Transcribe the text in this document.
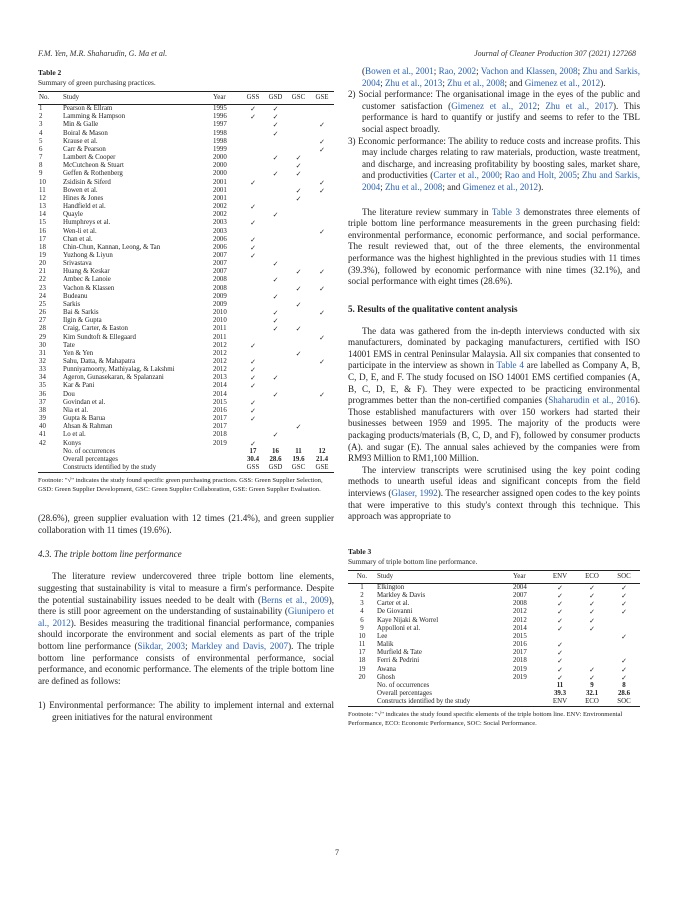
F.M. Yen, M.R. Shaharudin, G. Ma et al.	Journal of Cleaner Production 307 (2021) 127268

Table 2

Summary of green purchasing practices.

No.	Study	Year	GSS	GSD	GSC	GSE
1	Pearson & Ellram	1995	✓	✓		
2	Lamming & Hampson	1996	✓	✓		
3	Min & Galle	1997		✓		✓
4	Boiral & Mason	1998		✓		
5	Krause et al.	1998				✓
6	Carr & Pearson	1999				✓
7	Lambert & Cooper	2000		✓	✓	
8	McCutcheon & Stuart	2000			✓	
9	Geffen & Rothenberg	2000		✓	✓	
10	Zsidisin & Siferd	2001	✓			✓
11	Bowen et al.	2001			✓	✓
12	Hines & Jones	2001			✓	
13	Handfield et al.	2002	✓			
14	Quayle	2002		✓		
15	Humphreys et al.	2003	✓			
16	Wen-li et al.	2003				✓
17	Chan et al.	2006	✓			
18	Chin-Chun, Kannan, Leong, & Tan	2006	✓			
19	Yuzhong & Liyun	2007	✓			
20	Srivastava	2007		✓		
21	Huang & Keskar	2007			✓	✓
22	Ambec & Lanoie	2008		✓		
23	Vachon & Klassen	2008			✓	✓
24	Budeanu	2009		✓		
25	Sarkis	2009			✓	
26	Bai & Sarkis	2010		✓		✓
27	Ilgin & Gupta	2010		✓		
28	Craig, Carter, & Easton	2011		✓	✓	
29	Kim Sundtoft & Ellegaard	2011				✓
30	Tate	2012	✓			
31	Yen & Yen	2012			✓	
32	Sahu, Datta, & Mahapatra	2012	✓			✓
33	Punniyamoorty, Mathiyalag, & Lakshmi	2012	✓			
34	Ageron, Gunasekaran, & Spalanzani	2013	✓	✓		
35	Kar & Pani	2014	✓			
36	Dou	2014		✓		✓
37	Govindan et al.	2015	✓			
38	Nia et al.	2016	✓			
39	Gupta & Barua	2017	✓			
40	Ahsan & Rahman	2017			✓	
41	Lo et al.	2018		✓		
42	Konys	2019	✓			
	No. of occurrences		17	16	11	12
	Overall percentages		30.4	28.6	19.6	21.4
	Constructs identified by the study		GSS	GSD	GSC	GSE
Footnote: "√" indicates the study found specific green purchasing practices. GSS: Green Supplier Selection, GSD: Green Supplier Development, GSC: Green Supplier Collaboration, GSE: Green Supplier Evaluation.

(28.6%), green supplier evaluation with 12 times (21.4%), and green supplier collaboration with 11 times (19.6%).

4.3. The triple bottom line performance

The literature review undercovered three triple bottom line elements, suggesting that sustainability is vital to measure a firm's performance. Despite the potential sustainability issues needed to be dealt with (Berns et al., 2009), there is still poor agreement on the understanding of sustainability (Giunipero et al., 2012). Besides measuring the traditional financial performance, companies should incorporate the environment and social elements as part of the triple bottom line performance (Sikdar, 2003; Markley and Davis, 2007). The triple bottom line performance consists of environmental performance, social performance, and economic performance. The elements of the triple bottom line are defined as follows:

1) Environmental performance: The ability to implement internal and external green initiatives for the natural environment

(Bowen et al., 2001; Rao, 2002; Vachon and Klassen, 2008; Zhu and Sarkis, 2004; Zhu et al., 2013; Zhu et al., 2008; and Gimenez et al., 2012).

2) Social performance: The organisational image in the eyes of the public and customer satisfaction (Gimenez et al., 2012; Zhu et al., 2017). This performance is hard to quantify or justify and seems to refer to the TBL social aspect broadly.
3) Economic performance: The ability to reduce costs and increase profits. This may include charges relating to raw materials, production, waste treatment, and discharge, and increasing profitability by boosting sales, market share, and productivities (Carter et al., 2000; Rao and Holt, 2005; Zhu and Sarkis, 2004; Zhu et al., 2008; and Gimenez et al., 2012).

The literature review summary in Table 3 demonstrates three elements of triple bottom line performance measurements in the green purchasing field: environmental performance, economic performance, and social performance. The result reviewed that, out of the three elements, the environmental performance was the highest highlighted in the previous studies with 11 times (39.3%), followed by economic performance with nine times (32.1%), and social performance with eight times (28.6%).

5. Results of the qualitative content analysis

The data was gathered from the in-depth interviews conducted with six manufacturers, dominated by packaging manufacturers, certified with ISO 14001 EMS in central Peninsular Malaysia. All six companies that consented to participate in the interview as shown in Table 4 are labelled as Company A, B, C, D, E, and F. The study focused on ISO 14001 EMS certified companies (A, B, C, D, E, & F). They were expected to be practicing environmental programmes better than the non-certified companies (Shaharudin et al., 2016). Those established manufacturers with over 150 workers had started their businesses between 1959 and 1995. The majority of the products were packaging products/materials (B, C, D, and F), followed by consumer products (A). and sugar (E). The annual sales achieved by the companies were from RM93 Million to RM1,100 Million.

The interview transcripts were scrutinised using the key point coding methods to unearth useful ideas and significant concepts from the field interviews (Glaser, 1992). The researcher assigned open codes to the key points that were imperative to this study's context through this technique. This approach was appropriate to

Table 3

Summary of triple bottom line performance.

No.	Study	Year	ENV	ECO	SOC
1	Elkington	2004	✓	✓	✓
2	Markley & Davis	2007	✓	✓	✓
3	Carter et al.	2008	✓	✓	✓
4	De Giovanni	2012	✓	✓	✓
6	Kaye Nijaki & Worrel	2012	✓	✓	
9	Appolloni et al.	2014	✓	✓	
10	Lee	2015			✓
11	Malik	2016	✓		
17	Murfield & Tate	2017	✓		
18	Ferri & Pedrini	2018	✓		✓
19	Awana	2019	✓	✓	✓
20	Ghosh	2019	✓	✓	✓
	No. of occurrences		11	9	8
	Overall percentages		39.3	32.1	28.6
	Constructs identified by the study		ENV	ECO	SOC
Footnote: "√" indicates the study found specific elements of the triple bottom line. ENV: Environmental Performance, ECO: Economic Performance, SOC: Social Performance.
7
